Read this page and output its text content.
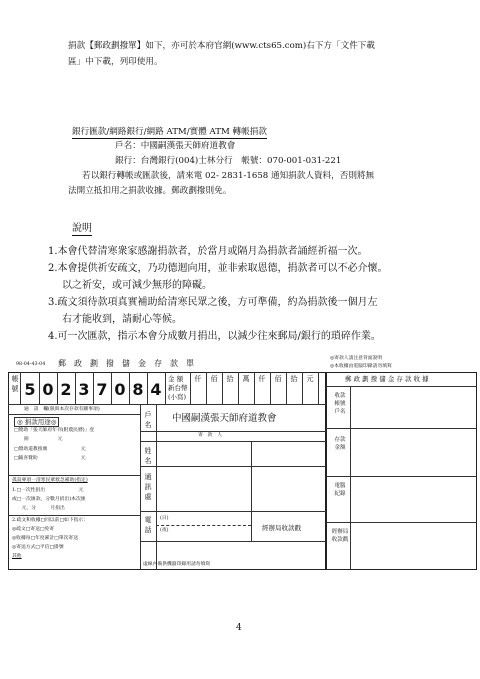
捐款【郵政劃撥單】如下，亦可於本府官網(www.cts65.com)右下方「文件下載
區」中下載，列印使用。
銀行匯款/網路銀行/網路 ATM/實體 ATM 轉帳捐款
戶名：中國嗣漢張天師府道教會
銀行：台灣銀行(004)士林分行　帳號：070-001-031-221
若以銀行轉帳或匯款後，請來電 02- 2831-1658 通知捐款人資料，否則將無
法開立抵扣用之捐款收據。郵政劃撥則免。
說明
1.本會代替清寒衆家感謝捐款者，於當月或隔月為捐款者誦經祈福一次。
2.本會提供祈安疏文，乃功德迴向用，並非索取恩德，捐款者可以不必介懷。
以之祈安，或可減少無形的障礙。
3.疏文須待款項真實補助給清寒民眾之後，方可準備，約為捐款後一個月左
右才能收到，請耐心等候。
4.可一次匯款，指示本會分成數月捐出，以減少往來郵局/銀行的瑣碎作業。
98-04-43-04 郵　政　劃　撥　儲　金　存　款　單
帳號 5 0 2 3 7 0 8 4
金 額
新台幣
(小寫)
仟	佰	拾	萬	仟	佰	拾	元
通　訊　欄(限與本次存款有關事項)
◎ 捐款用途◎
□贊助「張天師府年刊(附農民曆)」壹
冊　　　　　　元
□贊助道教推廣　　　　　　　元
□隨喜贊助　　　　　　　　　元
孤貧專項一清寒民眾救急補助(指定)
1.□一次性捐出　　　　　　　元
或□一次匯款，分數月捐出)本次匯
　　元，分　　　月捐出
2.疏文和收據□同以前□如下指示：
◎疏文□寄送□免寄
◎收據每□年度累計□單次寄送
◎寄送方式□平信□掛號
其他
戶名
中國嗣漢張天師府道教會
寄　款　人
姓名
通訊處
電話
(日)
(夜)	經辦局收款戳
虛線內備供機器印錄用請勿填寫
◎寄款人請注意背面說明
◎本收據由電腦印錄請勿填寫
郵 政 劃 撥 儲 金 存 款 收 據
收款帳號戶名
存款金額
電腦紀錄
經辦局收款戳
4
